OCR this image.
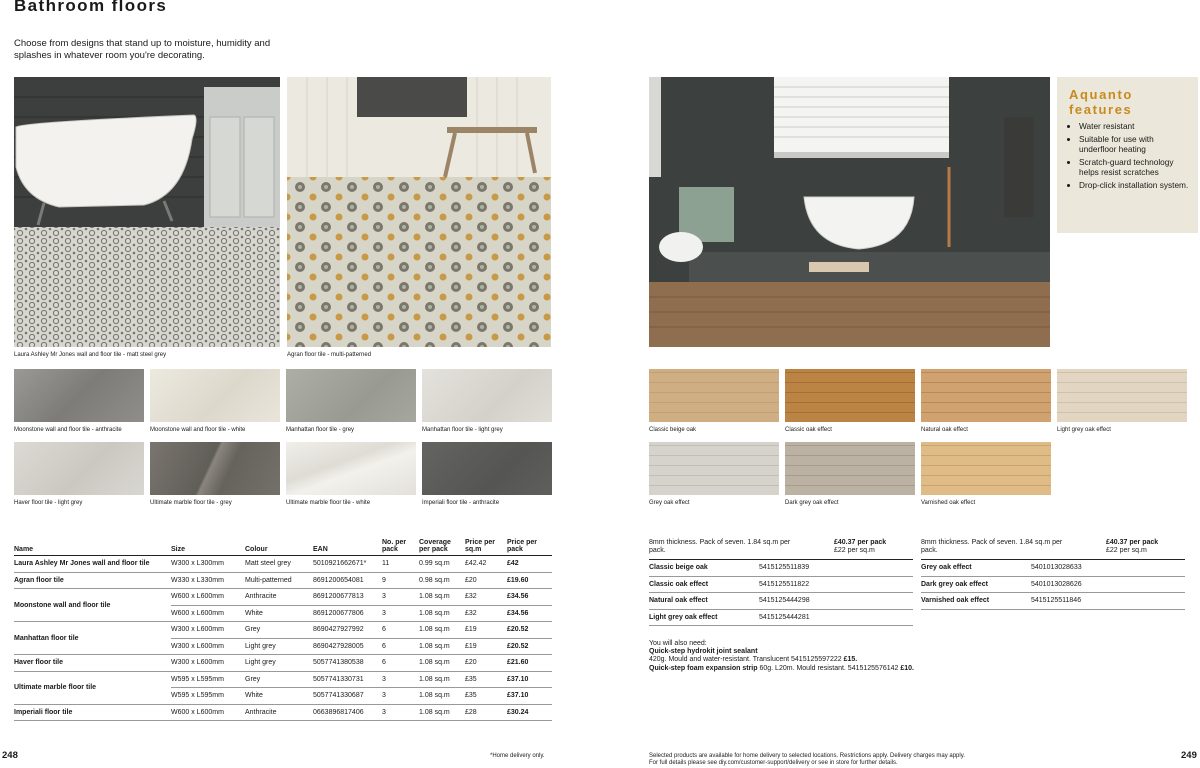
Bathroom floors

Choose from designs that stand up to moisture, humidity and splashes in whatever room you're decorating.

Laura Ashley Mr Jones wall and floor tile - matt steel grey	Agran floor tile - multi-patterned
Moonstone wall and floor tile - anthracite	Moonstone wall and floor tile - white	Manhattan floor tile - grey	Manhattan floor tile - light grey
Haver floor tile - light grey	Ultimate marble floor tile - grey	Ultimate marble floor tile - white	Imperiali floor tile - anthracite
Name	Size	Colour	EAN	No. per pack	Coverage per pack	Price per sq.m	Price per pack
Laura Ashley Mr Jones wall and floor tile	W300 x L300mm	Matt steel grey	5010921662671*	11	0.99 sq.m	£42.42	£42
Agran floor tile	W330 x L330mm	Multi-patterned	8691200654081	9	0.98 sq.m	£20	£19.60
Moonstone wall and floor tile	W600 x L600mm	Anthracite	8691200677813	3	1.08 sq.m	£32	£34.56
	W600 x L600mm	White	8691200677806	3	1.08 sq.m	£32	£34.56
Manhattan floor tile	W300 x L600mm	Grey	8690427927992	6	1.08 sq.m	£19	£20.52
	W300 x L600mm	Light grey	8690427928005	6	1.08 sq.m	£19	£20.52
Haver floor tile	W300 x L600mm	Light grey	5057741380538	6	1.08 sq.m	£20	£21.60
Ultimate marble floor tile	W595 x L595mm	Grey	5057741330731	3	1.08 sq.m	£35	£37.10
	W595 x L595mm	White	5057741330687	3	1.08 sq.m	£35	£37.10
Imperiali floor tile	W600 x L600mm	Anthracite	0663896817406	3	1.08 sq.m	£28	£30.24
248	*Home delivery only.
Aquanto features
• Water resistant
• Suitable for use with underfloor heating
• Scratch-guard technology helps resist scratches
• Drop-click installation system.
Classic beige oak	Classic oak effect	Natural oak effect	Light grey oak effect
Grey oak effect	Dark grey oak effect	Varnished oak effect
8mm thickness. Pack of seven. 1.84 sq.m per pack.
£40.37 per pack
£22 per sq.m
Classic beige oak	5415125511839
Classic oak effect	5415125511822
Natural oak effect	5415125444298
Light grey oak effect	5415125444281
8mm thickness. Pack of seven. 1.84 sq.m per pack.
£40.37 per pack
£22 per sq.m
Grey oak effect	5401013028633
Dark grey oak effect	5401013028626
Varnished oak effect	5415125511846
You will also need:
Quick-step hydrokit joint sealant
420g. Mould and water-resistant. Translucent 5415125597222 £15.
Quick-step foam expansion strip 60g. L20m. Mould resistant. 5415125576142 £10.
Selected products are available for home delivery to selected locations. Restrictions apply. Delivery charges may apply.
For full details please see diy.com/customer-support/delivery or see in store for further details.
249
